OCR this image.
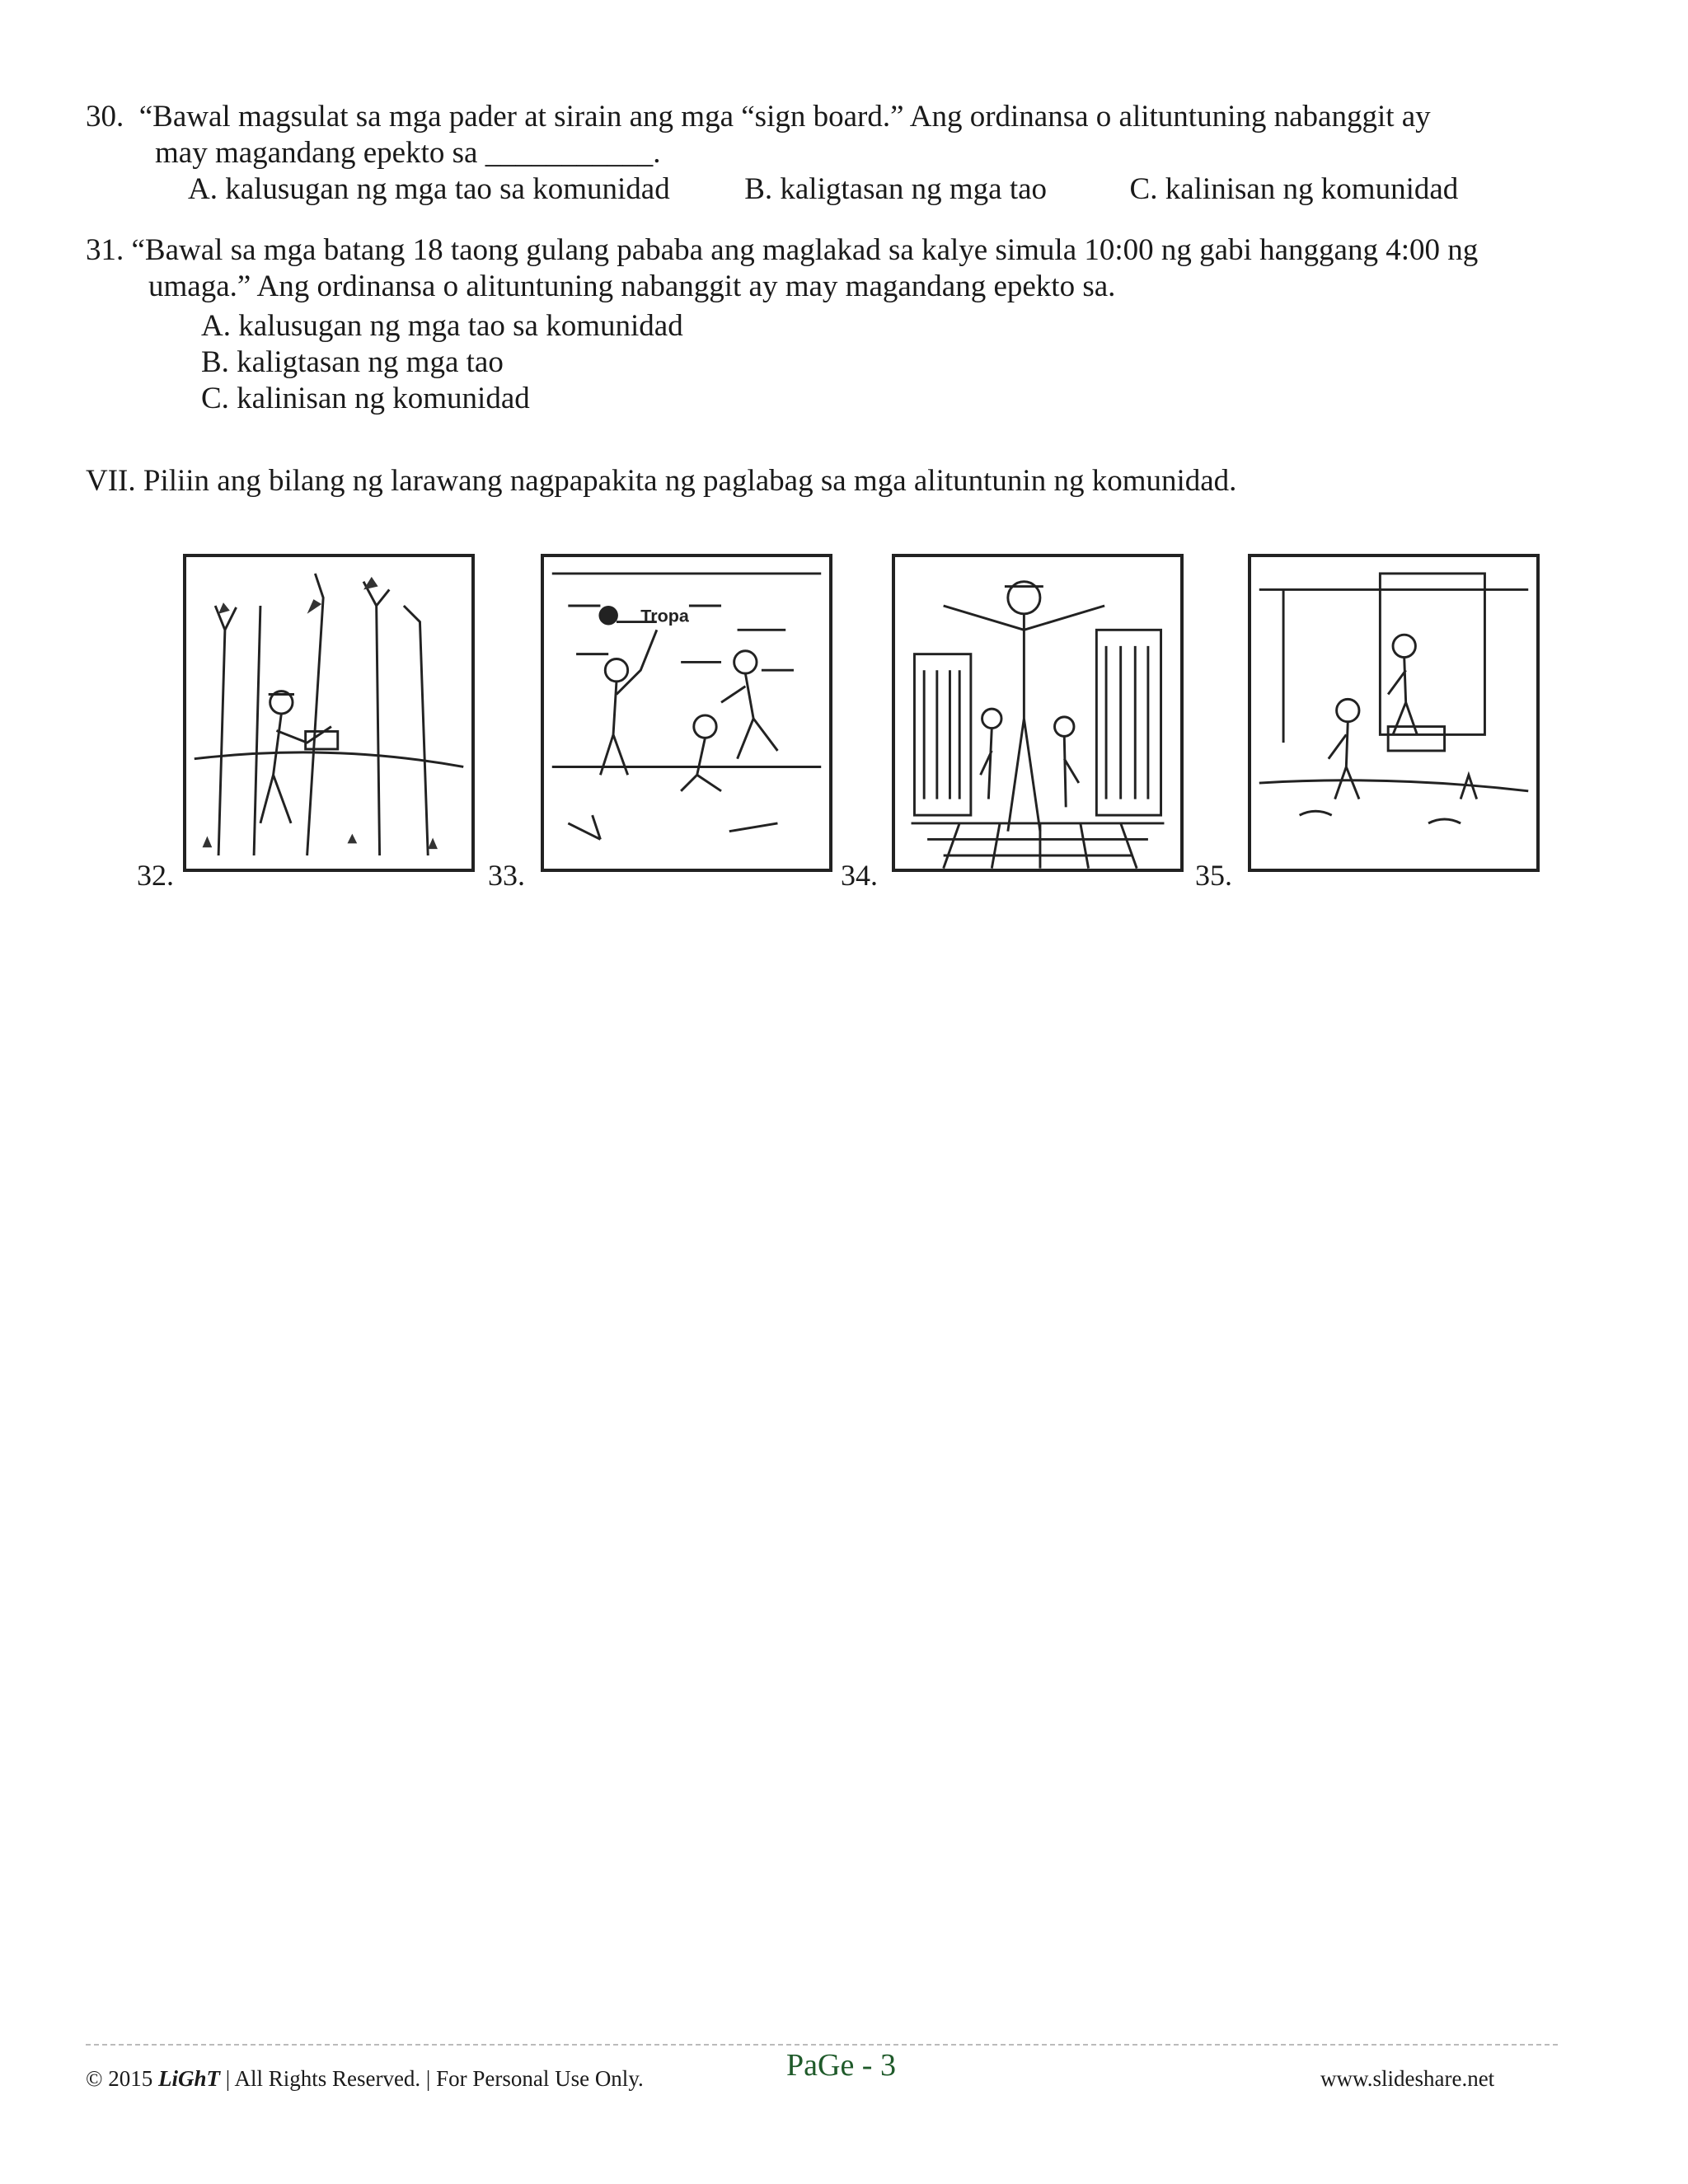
30. “Bawal magsulat sa mga pader at sirain ang mga “sign board.” Ang ordinansa o alituntuning nabanggit ay
may magandang epekto sa ___________.
A. kalusugan ng mga tao sa komunidad B. kaligtasan ng mga tao	C. kalinisan ng komunidad
31. “Bawal sa mga batang 18 taong gulang pababa ang maglakad sa kalye simula 10:00 ng gabi hanggang 4:00 ng
umaga.” Ang ordinansa o alituntuning nabanggit ay may magandang epekto sa.
A. kalusugan ng mga tao sa komunidad
B. kaligtasan ng mga tao
C. kalinisan ng komunidad
VII. Piliin ang bilang ng larawang nagpapakita ng paglabag sa mga alituntunin ng komunidad.
32.	33.
Tropa
34.	35.
© 2015 LiGhT | All Rights Reserved. | For Personal Use Only.	PaGe - 3	www.slideshare.net
